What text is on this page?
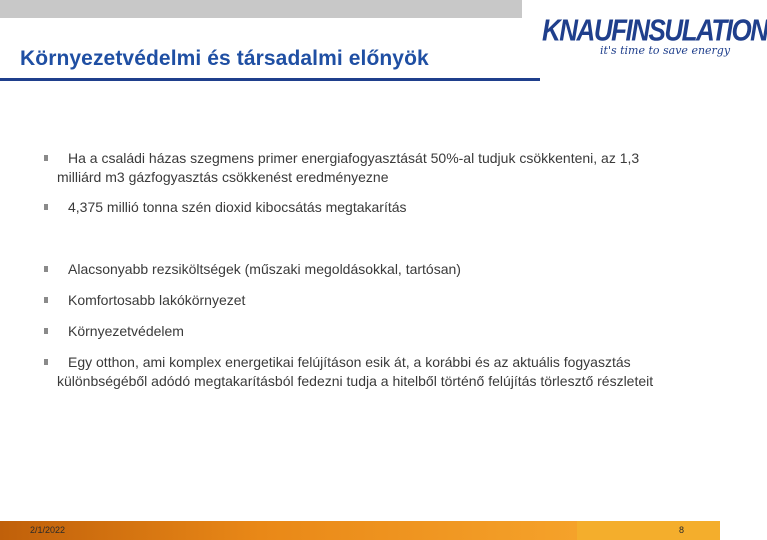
Környezetvédelmi és társadalmi előnyök
KNAUFINSULATION
it's time to save energy
Ha a családi házas szegmens primer energiafogyasztását 50%-al tudjuk csökkenteni, az 1,3 milliárd m3 gázfogyasztás csökkenést eredményezne
4,375 millió tonna szén dioxid kibocsátás megtakarítás
Alacsonyabb rezsiköltségek (műszaki megoldásokkal, tartósan)
Komfortosabb lakókörnyezet
Környezetvédelem
Egy otthon, ami komplex energetikai felújításon esik át, a korábbi és az aktuális fogyasztás különbségéből adódó megtakarításból fedezni tudja a hitelből történő felújítás törlesztő részleteit
2/1/2022	8
